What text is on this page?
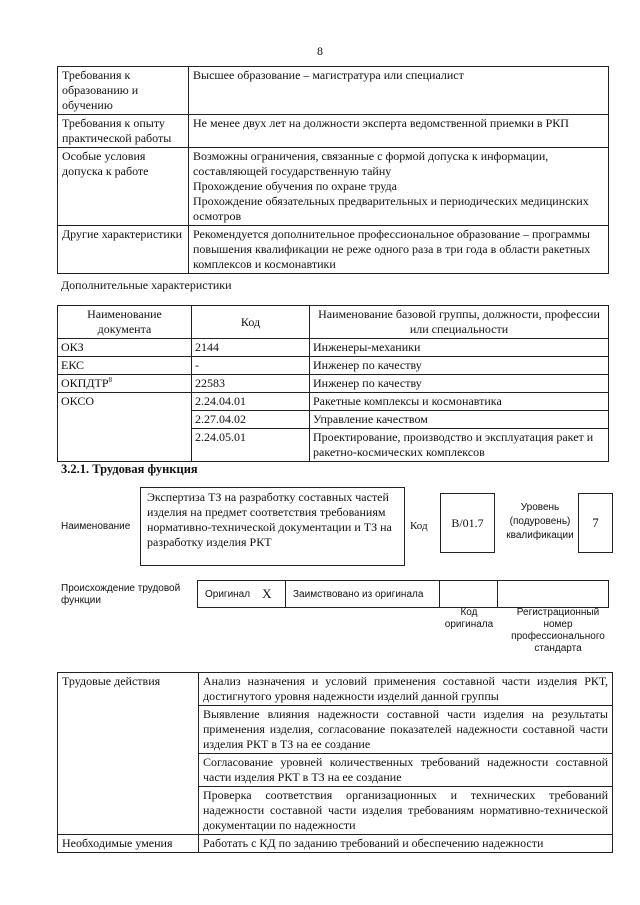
8
Требования к образованию и обучению	Высшее образование – магистратура или специалист

Требования к опыту практической работы	Не менее двух лет на должности эксперта ведомственной приемки в РКП

Особые условия допуска к работе	Возможны ограничения, связанные с формой допуска к информации, составляющей государственную тайну
Прохождение обучения по охране труда
Прохождение обязательных предварительных и периодических медицинских осмотров

Другие характеристики	Рекомендуется дополнительное профессиональное образование – программы повышения квалификации не реже одного раза в три года в области ракетных комплексов и космонавтики
Дополнительные характеристики
Наименование документа	Код	Наименование базовой группы, должности, профессии или специальности
ОКЗ	2144	Инженеры-механики
ЕКС	-	Инженер по качеству
ОКПДТР$^8$	22583	Инженер по качеству
ОКСО	2.24.04.01	Ракетные комплексы и космонавтика
	2.27.04.02	Управление качеством
	2.24.05.01	Проектирование, производство и эксплуатация ракет и ракетно-космических комплексов
3.2.1. Трудовая функция
Наименование
Экспертиза ТЗ на разработку составных частей изделия на предмет соответствия требованиям нормативно-технической документации и ТЗ на разработку изделия РКТ
Код	В/01.7
Уровень (подуровень) квалификации
7
Происхождение трудовой функции
Оригинал X Заимствовано из оригинала
Код оригинала
Регистрационный номер профессионального стандарта
Трудовые действия	Анализ назначения и условий применения составной части изделия РКТ, достигнутого уровня надежности изделий данной группы
	Выявление влияния надежности составной части изделия на результаты применения изделия, согласование показателей надежности составной части изделия РКТ в ТЗ на ее создание
	Согласование уровней количественных требований надежности составной части изделия РКТ в ТЗ на ее создание
	Проверка соответствия организационных и технических требований надежности составной части изделия требованиям нормативно-технической документации по надежности
Необходимые умения	Работать с КД по заданию требований и обеспечению надежности
